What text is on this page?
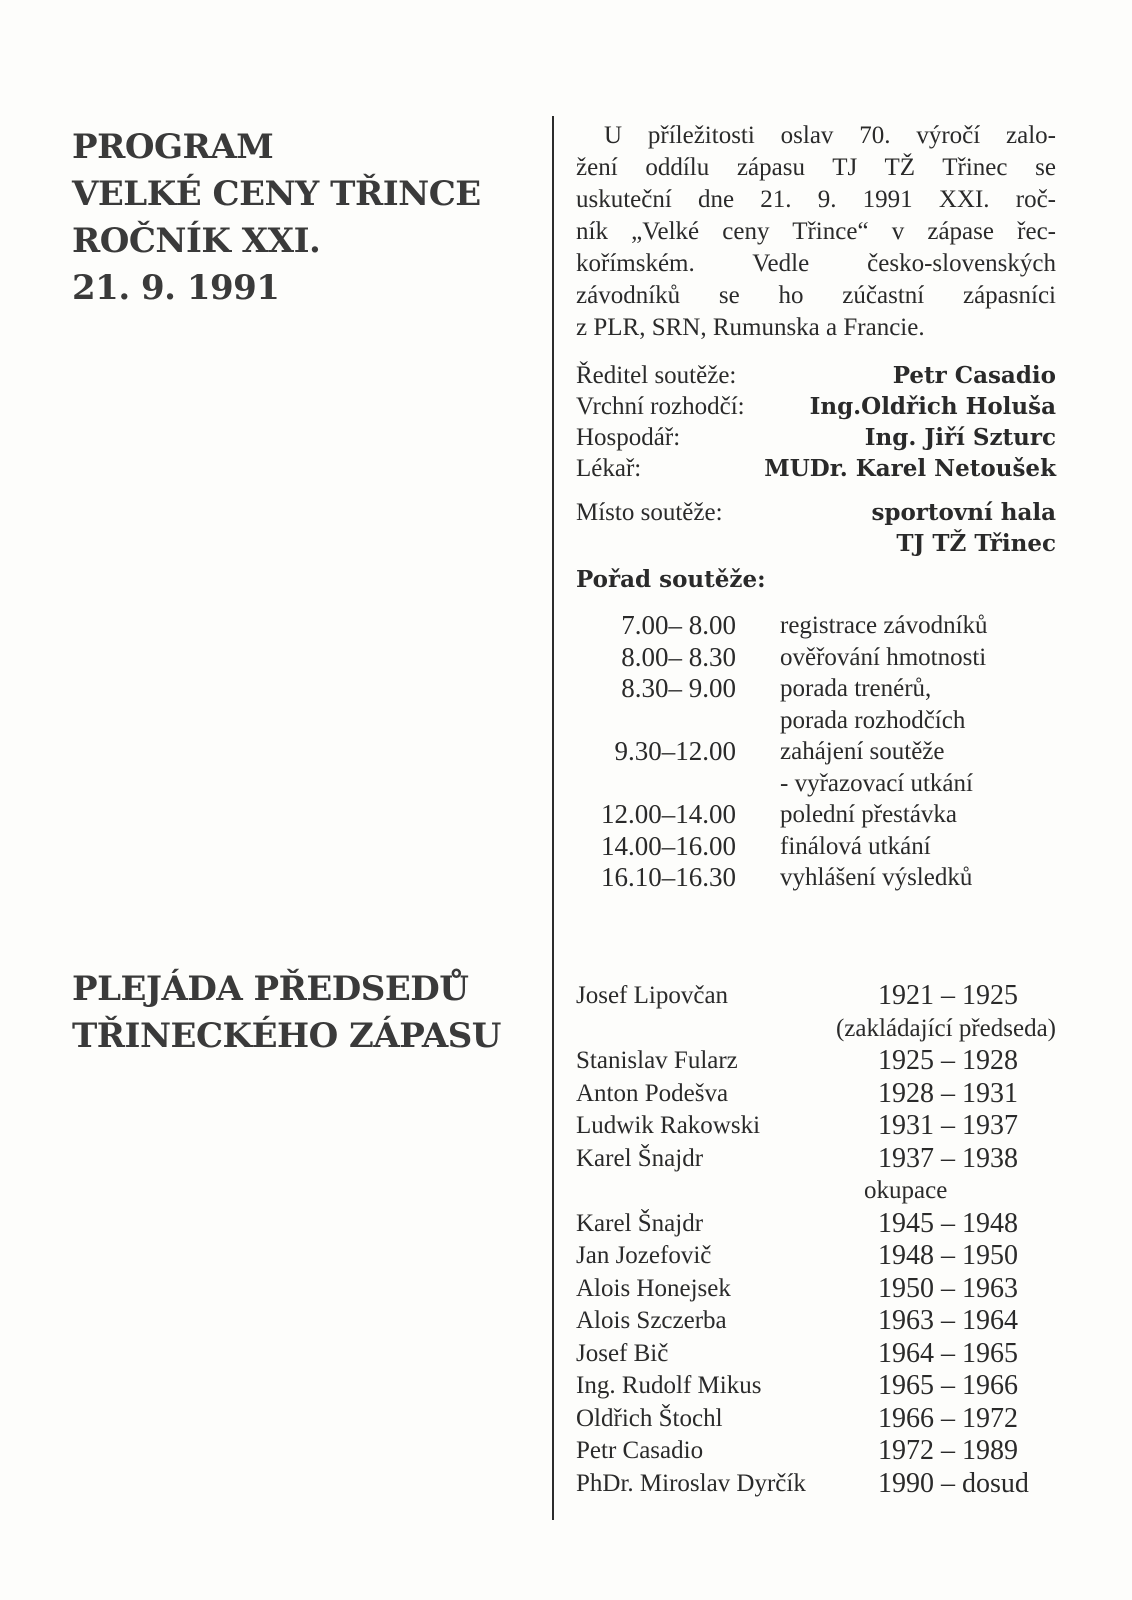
PROGRAM
VELKÉ CENY TŘINCE
ROČNÍK XXI.
21. 9. 1991
PLEJÁDA PŘEDSEDŮ
TŘINECKÉHO ZÁPASU
U příležitosti oslav 70. výročí zalo-
žení oddílu zápasu TJ TŽ Třinec se
uskuteční dne 21. 9. 1991 XXI. roč-
ník „Velké ceny Třince“ v zápase řec-
kořímském. Vedle česko-slovenských
závodníků se ho zúčastní zápasníci
z PLR, SRN, Rumunska a Francie.
Ředitel soutěže:	Petr Casadio
Vrchní rozhodčí:	Ing.Oldřich Holuša
Hospodář:	Ing. Jiří Szturc
Lékař:	MUDr. Karel Netoušek
Místo soutěže:	sportovní hala
TJ TŽ Třinec
Pořad soutěže:
7.00– 8.00	registrace závodníků
8.00– 8.30	ověřování hmotnosti
8.30– 9.00	porada trenérů,
porada rozhodčích
9.30–12.00	zahájení soutěže
- vyřazovací utkání
12.00–14.00	polední přestávka
14.00–16.00	finálová utkání
16.10–16.30	vyhlášení výsledků
Josef Lipovčan	1921 – 1925
(zakládající předseda)
Stanislav Fularz	1925 – 1928
Anton Podešva	1928 – 1931
Ludwik Rakowski	1931 – 1937
Karel Šnajdr	1937 – 1938
okupace
Karel Šnajdr	1945 – 1948
Jan Jozefovič	1948 – 1950
Alois Honejsek	1950 – 1963
Alois Szczerba	1963 – 1964
Josef Bič	1964 – 1965
Ing. Rudolf Mikus	1965 – 1966
Oldřich Štochl	1966 – 1972
Petr Casadio	1972 – 1989
PhDr. Miroslav Dyrčík	1990 – dosud
